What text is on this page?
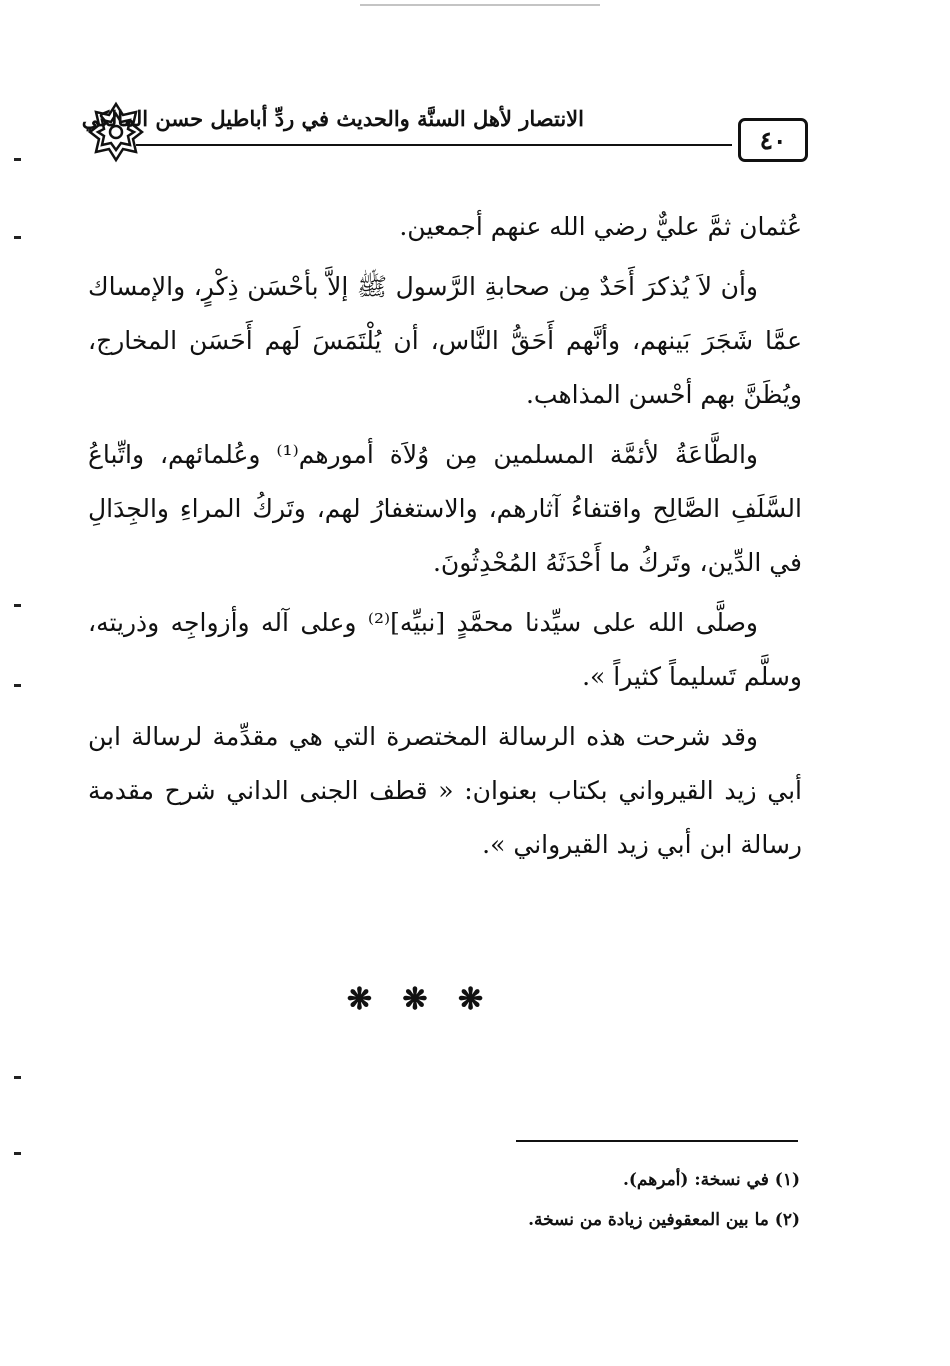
الانتصار لأهل السنَّة والحديث في ردِّ أباطيل حسن المالكي
٤٠

عُثمان ثمَّ عليٌّ رضي الله عنهم أجمعين.

وأن لاَ يُذكرَ أَحَدٌ مِن صحابةِ الرَّسول ﷺ إلاَّ بأحْسَن ذِكْرٍ، والإمساك عمَّا شَجَرَ بَينهم، وأنَّهم أَحَقُّ النَّاس، أن يُلْتَمَسَ لَهم أَحَسَن المخارج، ويُظَنَّ بهم أحْسن المذاهب.

والطَّاعَةُ لأئمَّة المسلمين مِن وُلاَة أمورهم⁽¹⁾ وعُلمائهم، واتِّباعُ السَّلَفِ الصَّالِح واقتفاءُ آثارهم، والاستغفارُ لهم، وتَركُ المراءِ والجِدَالِ في الدِّين، وتَركُ ما أَحْدَثَهُ المُحْدِثُونَ.

وصلَّى الله على سيِّدنا محمَّدٍ [نبيِّه]⁽²⁾ وعلى آله وأزواجِه وذريته، وسلَّم تَسليماً كثيراً ».

وقد شرحت هذه الرسالة المختصرة التي هي مقدِّمة لرسالة ابن أبي زيد القيرواني بكتاب بعنوان: « قطف الجنى الداني شرح مقدمة رسالة ابن أبي زيد القيرواني ».

❋ ❋ ❋

(١) في نسخة: (أمرهم).

(٢) ما بين المعقوفين زيادة من نسخة.
